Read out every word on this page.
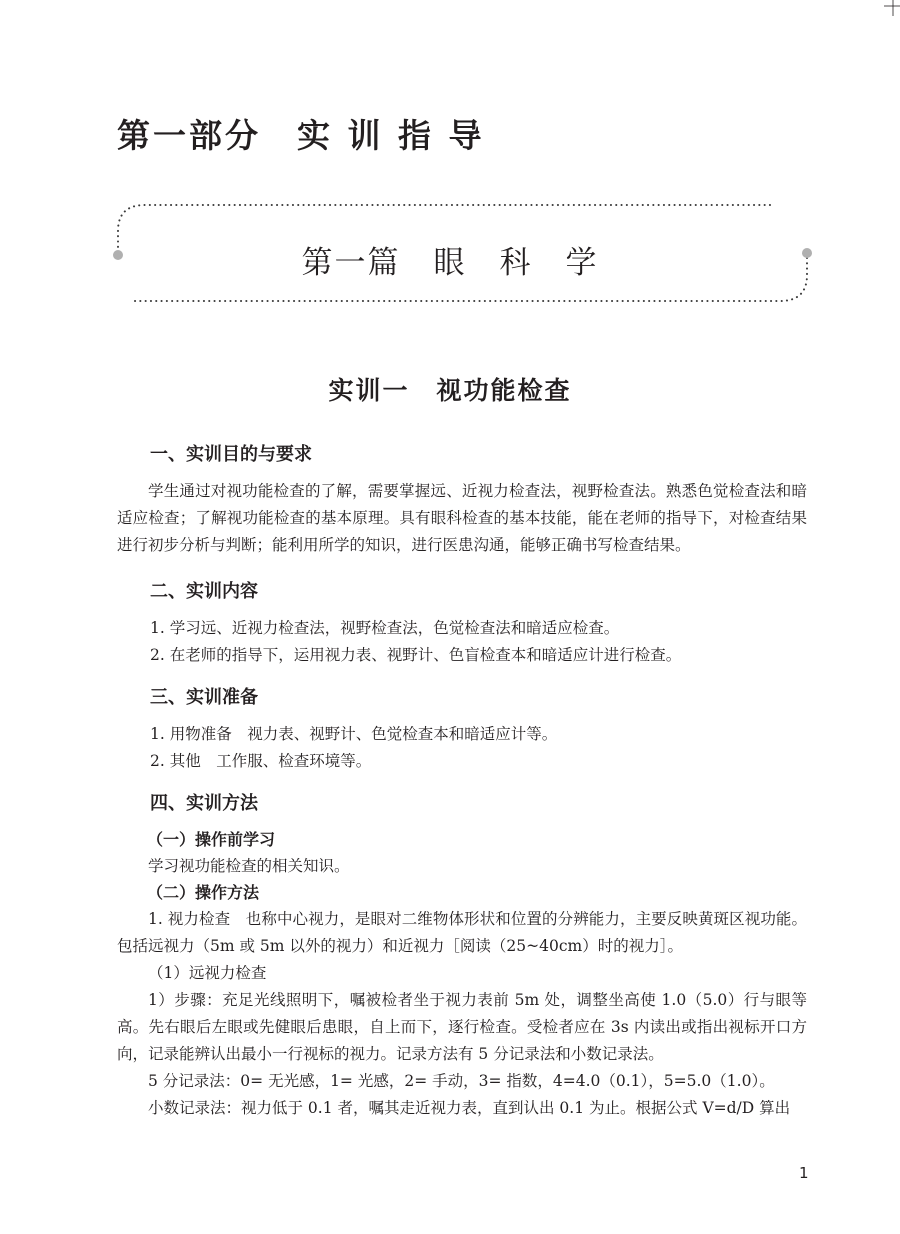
第一部分　实 训 指 导
第一篇　眼　科　学
实训一　视功能检查
一、实训目的与要求

学生通过对视功能检查的了解，需要掌握远、近视力检查法，视野检查法。熟悉色觉检查法和暗适应检查；了解视功能检查的基本原理。具有眼科检查的基本技能，能在老师的指导下，对检查结果进行初步分析与判断；能利用所学的知识，进行医患沟通，能够正确书写检查结果。

二、实训内容

1. 学习远、近视力检查法，视野检查法，色觉检查法和暗适应检查。

2. 在老师的指导下，运用视力表、视野计、色盲检查本和暗适应计进行检查。

三、实训准备

1. 用物准备　视力表、视野计、色觉检查本和暗适应计等。

2. 其他　工作服、检查环境等。

四、实训方法
（一）操作前学习

学习视功能检查的相关知识。

（二）操作方法

1. 视力检查　也称中心视力，是眼对二维物体形状和位置的分辨能力，主要反映黄斑区视功能。包括远视力（5m 或 5m 以外的视力）和近视力［阅读（25~40cm）时的视力］。

（1）远视力检查

1）步骤：充足光线照明下，嘱被检者坐于视力表前 5m 处，调整坐高使 1.0（5.0）行与眼等高。先右眼后左眼或先健眼后患眼，自上而下，逐行检查。受检者应在 3s 内读出或指出视标开口方向，记录能辨认出最小一行视标的视力。记录方法有 5 分记录法和小数记录法。

5 分记录法：0= 无光感，1= 光感，2= 手动，3= 指数，4=4.0（0.1），5=5.0（1.0）。

小数记录法：视力低于 0.1 者，嘱其走近视力表，直到认出 0.1 为止。根据公式 V=d/D 算出

1
